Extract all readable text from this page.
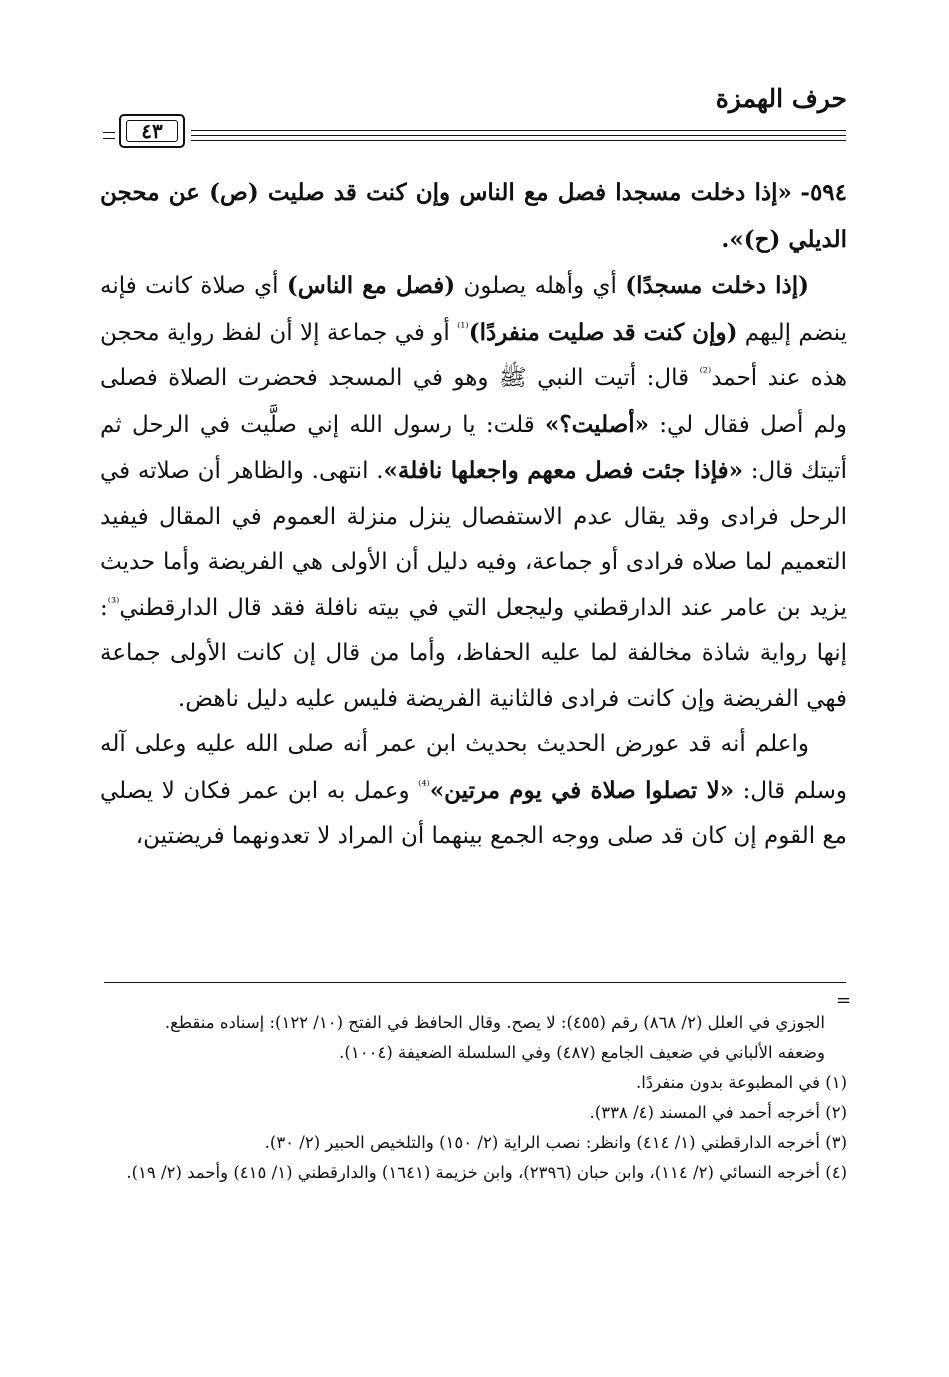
حرف الهمزة
٤٣

٥٩٤- «إذا دخلت مسجدا فصل مع الناس وإن كنت قد صليت (ص) عن محجن الديلي (ح)».

(إذا دخلت مسجدًا) أي وأهله يصلون (فصل مع الناس) أي صلاة كانت فإنه ينضم إليهم (وإن كنت قد صليت منفردًا)$^{^{(1)}}$ أو في جماعة إلا أن لفظ رواية محجن هذه عند أحمد$^{^{(2)}}$ قال: أتيت النبي ﷺ وهو في المسجد فحضرت الصلاة فصلى ولم أصل فقال لي: «أصليت؟» قلت: يا رسول الله إني صلَّيت في الرحل ثم أتيتك قال: «فإذا جئت فصل معهم واجعلها نافلة». انتهى. والظاهر أن صلاته في الرحل فرادى وقد يقال عدم الاستفصال ينزل منزلة العموم في المقال فيفيد التعميم لما صلاه فرادى أو جماعة، وفيه دليل أن الأولى هي الفريضة وأما حديث يزيد بن عامر عند الدارقطني وليجعل التي في بيته نافلة فقد قال الدارقطني$^{^{(3)}}$: إنها رواية شاذة مخالفة لما عليه الحفاظ، وأما من قال إن كانت الأولى جماعة فهي الفريضة وإن كانت فرادى فالثانية الفريضة فليس عليه دليل ناهض.

واعلم أنه قد عورض الحديث بحديث ابن عمر أنه صلى الله عليه وعلى آله وسلم قال: «لا تصلوا صلاة في يوم مرتين»$^{^{(4)}}$ وعمل به ابن عمر فكان لا يصلي مع القوم إن كان قد صلى ووجه الجمع بينهما أن المراد لا تعدونهما فريضتين،

=

الجوزي في العلل (٢/ ٨٦٨) رقم (٤٥٥): لا يصح. وقال الحافظ في الفتح (١٠/ ١٢٢): إسناده منقطع.

وضعفه الألباني في ضعيف الجامع (٤٨٧) وفي السلسلة الضعيفة (١٠٠٤).

(١) في المطبوعة بدون منفردًا.

(٢) أخرجه أحمد في المسند (٤/ ٣٣٨).

(٣) أخرجه الدارقطني (١/ ٤١٤) وانظر: نصب الراية (٢/ ١٥٠) والتلخيص الحبير (٢/ ٣٠).

(٤) أخرجه النسائي (٢/ ١١٤)، وابن حبان (٢٣٩٦)، وابن خزيمة (١٦٤١) والدارقطني (١/ ٤١٥) وأحمد (٢/ ١٩).
